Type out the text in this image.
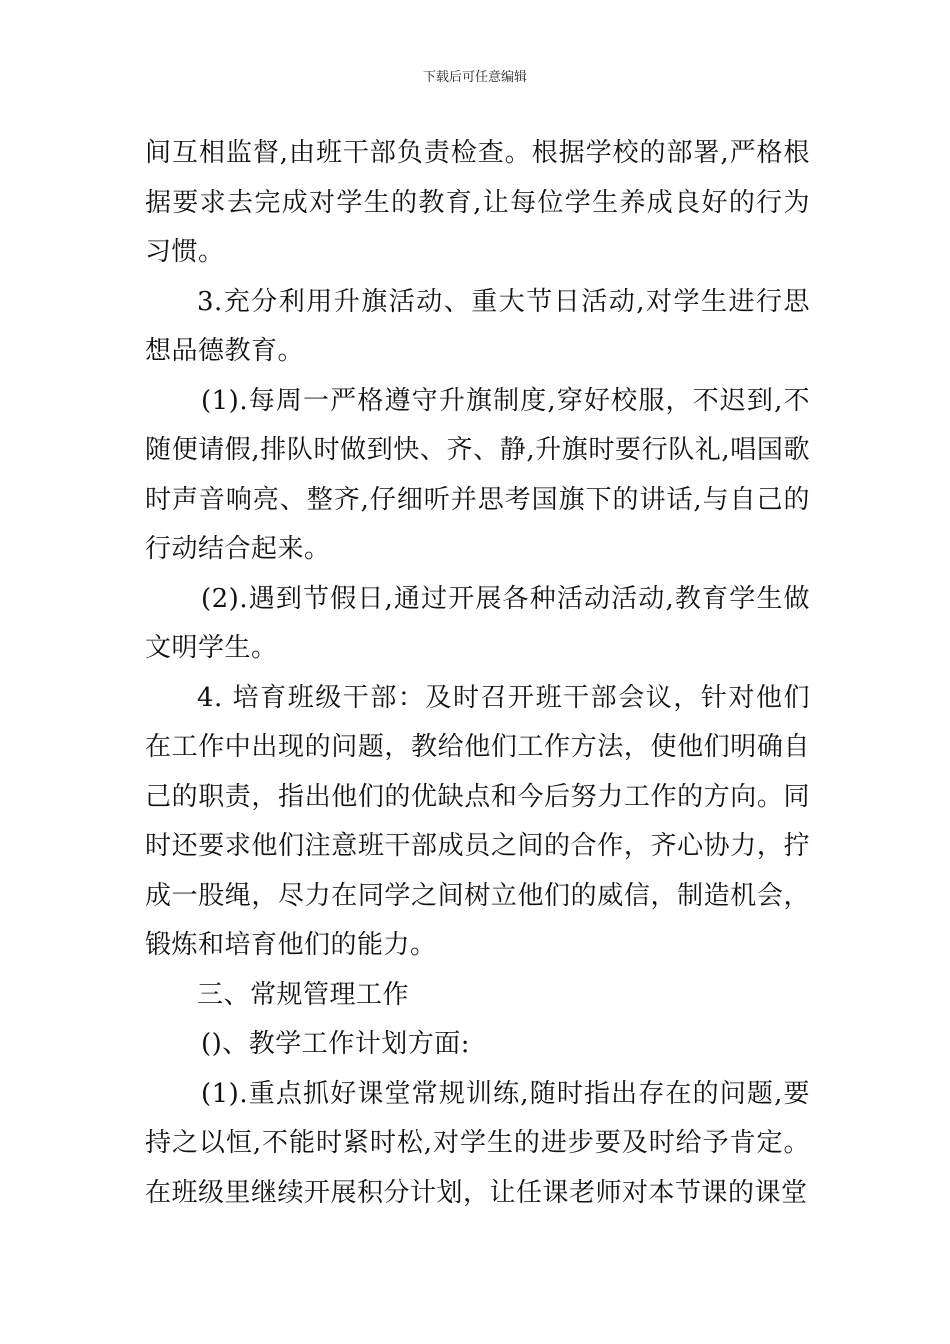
下载后可任意编辑

间互相监督,由班干部负责检查。根据学校的部署,严格根据要求去完成对学生的教育,让每位学生养成良好的行为习惯。

3.充分利用升旗活动、重大节日活动,对学生进行思想品德教育。

(1).每周一严格遵守升旗制度,穿好校服，不迟到,不随便请假,排队时做到快、齐、静,升旗时要行队礼,唱国歌时声音响亮、整齐,仔细听并思考国旗下的讲话,与自己的行动结合起来。

(2).遇到节假日,通过开展各种活动活动,教育学生做文明学生。

4. 培育班级干部：及时召开班干部会议，针对他们在工作中出现的问题，教给他们工作方法，使他们明确自己的职责，指出他们的优缺点和今后努力工作的方向。同时还要求他们注意班干部成员之间的合作，齐心协力，拧成一股绳，尽力在同学之间树立他们的威信，制造机会，锻炼和培育他们的能力。

三、常规管理工作

()、教学工作计划方面:

(1).重点抓好课堂常规训练,随时指出存在的问题,要持之以恒,不能时紧时松,对学生的进步要及时给予肯定。在班级里继续开展积分计划，让任课老师对本节课的课堂
